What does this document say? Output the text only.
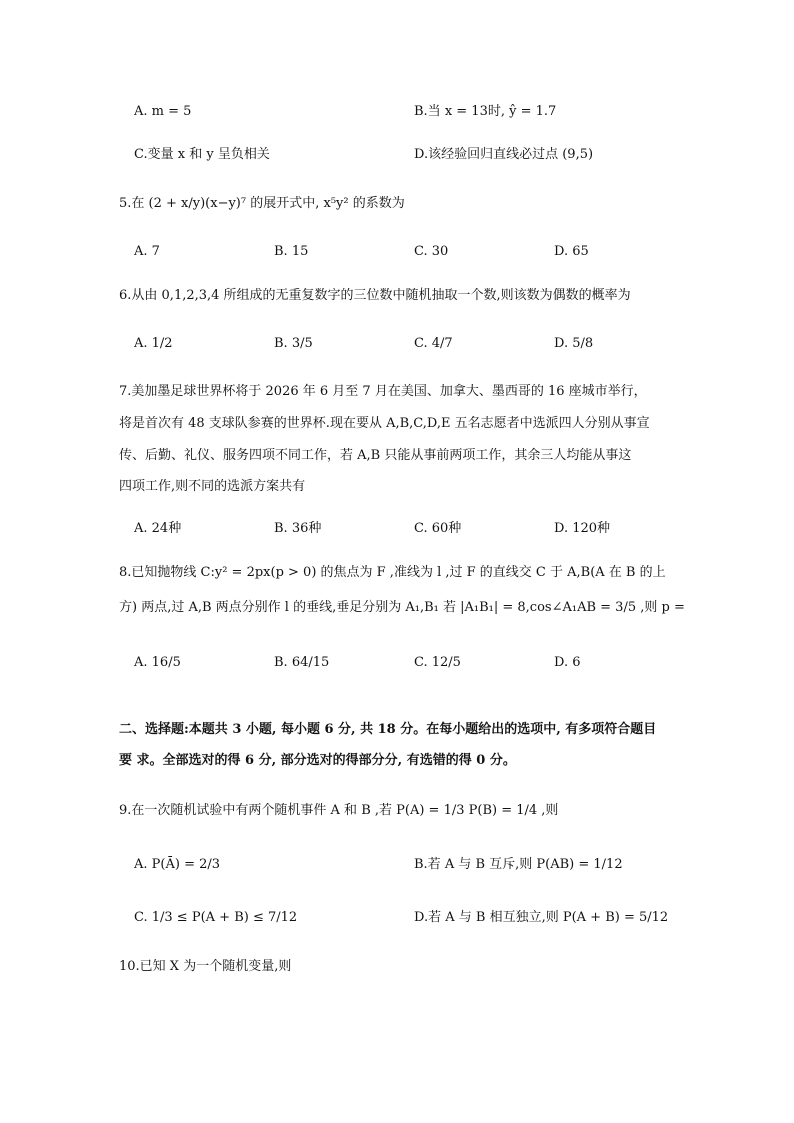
A. m = 5	B.当 x = 13时, ŷ = 1.7
C.变量 x 和 y 呈负相关	D.该经验回归直线必过点 (9,5)
5.在 (2 + x/y)(x−y)⁷ 的展开式中, x⁵y² 的系数为
A. 7	B. 15	C. 30	D. 65
6.从由 0,1,2,3,4 所组成的无重复数字的三位数中随机抽取一个数,则该数为偶数的概率为
A. 1/2	B. 3/5	C. 4/7	D. 5/8
7.美加墨足球世界杯将于 2026 年 6 月至 7 月在美国、加拿大、墨西哥的 16 座城市举行，
将是首次有 48 支球队参赛的世界杯.现在要从 A,B,C,D,E 五名志愿者中选派四人分别从事宣
传、后勤、礼仪、服务四项不同工作，若 A,B 只能从事前两项工作，其余三人均能从事这
四项工作,则不同的选派方案共有
A. 24种	B. 36种	C. 60种	D. 120种
8.已知抛物线 C:y² = 2px(p > 0) 的焦点为 F ,准线为 l ,过 F 的直线交 C 于 A,B(A 在 B 的上
方) 两点,过 A,B 两点分别作 l 的垂线,垂足分别为 A₁,B₁ 若 |A₁B₁| = 8,cos∠A₁AB = 3/5 ,则 p =
A. 16/5	B. 64/15	C. 12/5	D. 6
二、选择题:本题共 3 小题, 每小题 6 分, 共 18 分。在每小题给出的选项中, 有多项符合题目
要 求。全部选对的得 6 分, 部分选对的得部分分, 有选错的得 0 分。
9.在一次随机试验中有两个随机事件 A 和 B ,若 P(A) = 1/3 P(B) = 1/4 ,则
A. P(Ā) = 2/3	B.若 A 与 B 互斥,则 P(AB) = 1/12
C. 1/3 ≤ P(A + B) ≤ 7/12	D.若 A 与 B 相互独立,则 P(A + B) = 5/12
10.已知 X 为一个随机变量,则
